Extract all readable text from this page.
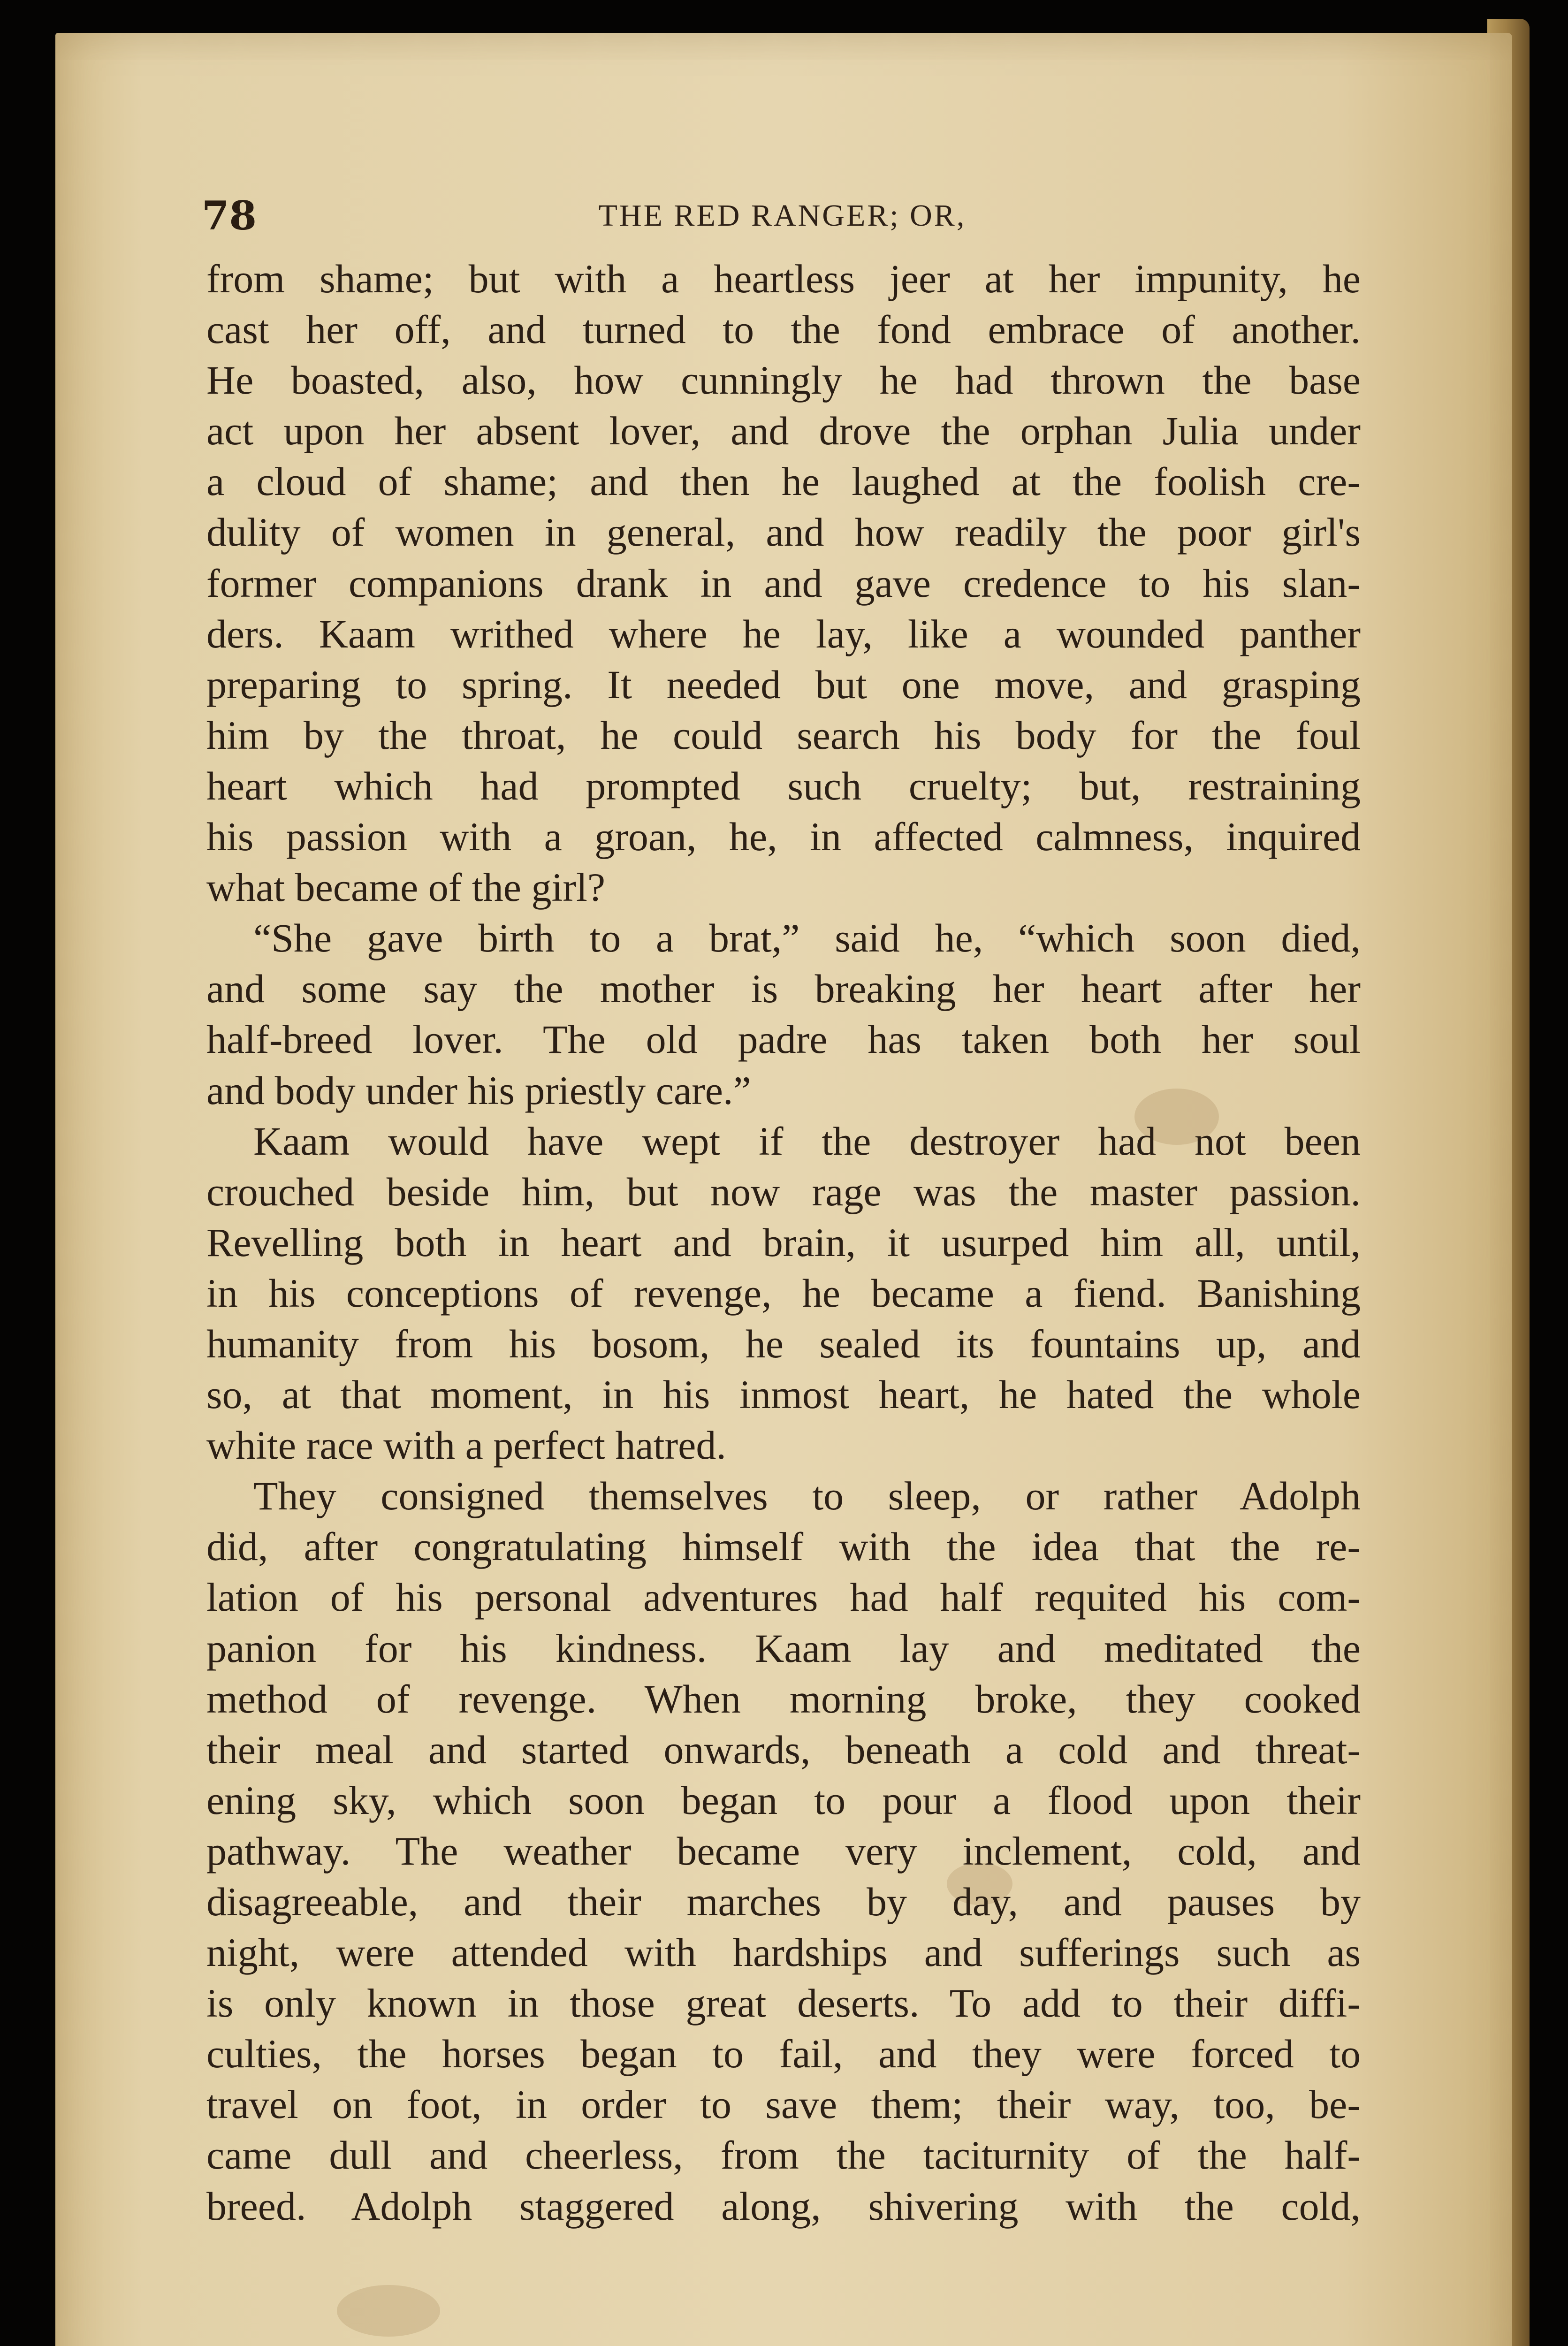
78	THE RED RANGER; OR,
from shame; but with a heartless jeer at her impunity, he
cast her off, and turned to the fond embrace of another.
He boasted, also, how cunningly he had thrown the base
act upon her absent lover, and drove the orphan Julia under
a cloud of shame; and then he laughed at the foolish cre-
dulity of women in general, and how readily the poor girl's
former companions drank in and gave credence to his slan-
ders. Kaam writhed where he lay, like a wounded panther
preparing to spring. It needed but one move, and grasping
him by the throat, he could search his body for the foul
heart which had prompted such cruelty; but, restraining
his passion with a groan, he, in affected calmness, inquired
what became of the girl?
“She gave birth to a brat,” said he, “which soon died,
and some say the mother is breaking her heart after her
half-breed lover. The old padre has taken both her soul
and body under his priestly care.”
Kaam would have wept if the destroyer had not been
crouched beside him, but now rage was the master passion.
Revelling both in heart and brain, it usurped him all, until,
in his conceptions of revenge, he became a fiend. Banishing
humanity from his bosom, he sealed its fountains up, and
so, at that moment, in his inmost heart, he hated the whole
white race with a perfect hatred.
They consigned themselves to sleep, or rather Adolph
did, after congratulating himself with the idea that the re-
lation of his personal adventures had half requited his com-
panion for his kindness. Kaam lay and meditated the
method of revenge. When morning broke, they cooked
their meal and started onwards, beneath a cold and threat-
ening sky, which soon began to pour a flood upon their
pathway. The weather became very inclement, cold, and
disagreeable, and their marches by day, and pauses by
night, were attended with hardships and sufferings such as
is only known in those great deserts. To add to their diffi-
culties, the horses began to fail, and they were forced to
travel on foot, in order to save them; their way, too, be-
came dull and cheerless, from the taciturnity of the half-
breed. Adolph staggered along, shivering with the cold,
